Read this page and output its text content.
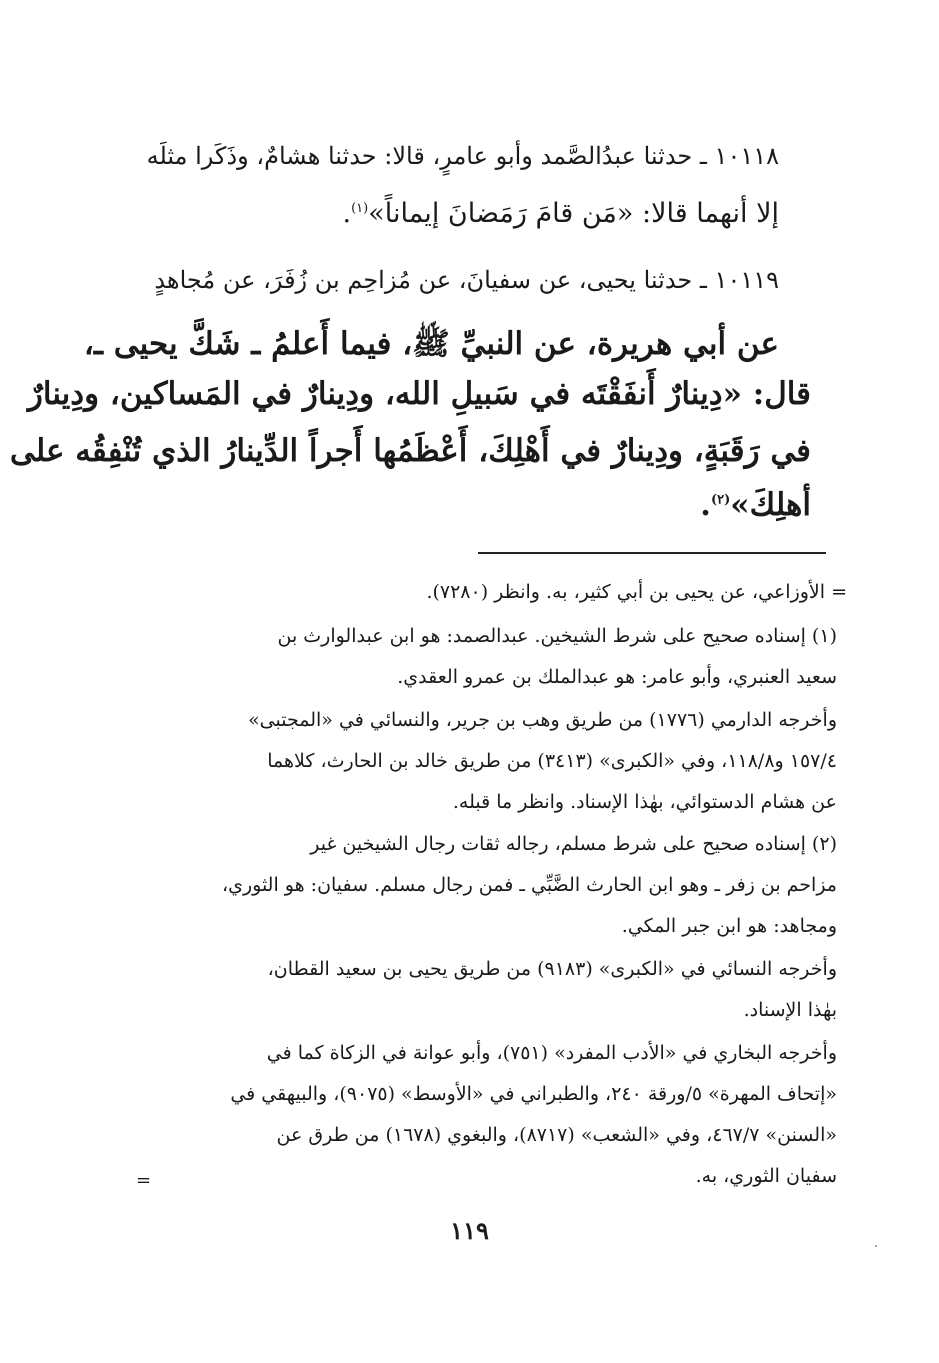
١٠١١٨ ـ حدثنا عبدُالصَّمد وأبو عامرٍ، قالا: حدثنا هشامٌ، وذَكَرا مثلَه
إلا أنهما قالا: «مَن قامَ رَمَضانَ إيماناً»$^{(١)}$.
١٠١١٩ ـ حدثنا يحيى، عن سفيانَ، عن مُزاحِم بن زُفَرَ، عن مُجاهدٍ
عن أبي هريرة، عن النبيِّ ﷺ، فيما أَعلمُ ـ شَكَّ يحيى ـ،
قال: «دِينارٌ أَنفَقْتَه في سَبيلِ الله، ودِينارٌ في المَساكين، ودِينارٌ
في رَقَبَةٍ، ودِينارٌ في أَهْلِكَ، أَعْظَمُها أَجراً الدِّينارُ الذي تُنْفِقُه على
أهلِكَ»$^{(٢)}$.
= الأوزاعي، عن يحيى بن أبي كثير، به. وانظر (٧٢٨٠).
(١) إسناده صحيح على شرط الشيخين. عبدالصمد: هو ابن عبدالوارث بن
سعيد العنبري، وأبو عامر: هو عبدالملك بن عمرو العقدي.
وأخرجه الدارمي (١٧٧٦) من طريق وهب بن جرير، والنسائي في «المجتبى»
١٥٧/٤ و١١٨/٨، وفي «الكبرى» (٣٤١٣) من طريق خالد بن الحارث، كلاهما
عن هشام الدستوائي، بهٰذا الإسناد. وانظر ما قبله.
(٢) إسناده صحيح على شرط مسلم، رجاله ثقات رجال الشيخين غير
مزاحم بن زفر ـ وهو ابن الحارث الضَّبِّي ـ فمن رجال مسلم. سفيان: هو الثوري،
ومجاهد: هو ابن جبر المكي.
وأخرجه النسائي في «الكبرى» (٩١٨٣) من طريق يحيى بن سعيد القطان،
بهٰذا الإسناد.
وأخرجه البخاري في «الأدب المفرد» (٧٥١)، وأبو عوانة في الزكاة كما في
«إتحاف المهرة» ٥/ورقة ٢٤٠، والطبراني في «الأوسط» (٩٠٧٥)، والبيهقي في
«السنن» ٤٦٧/٧، وفي «الشعب» (٨٧١٧)، والبغوي (١٦٧٨) من طرق عن
سفيان الثوري، به.
=
١١٩
